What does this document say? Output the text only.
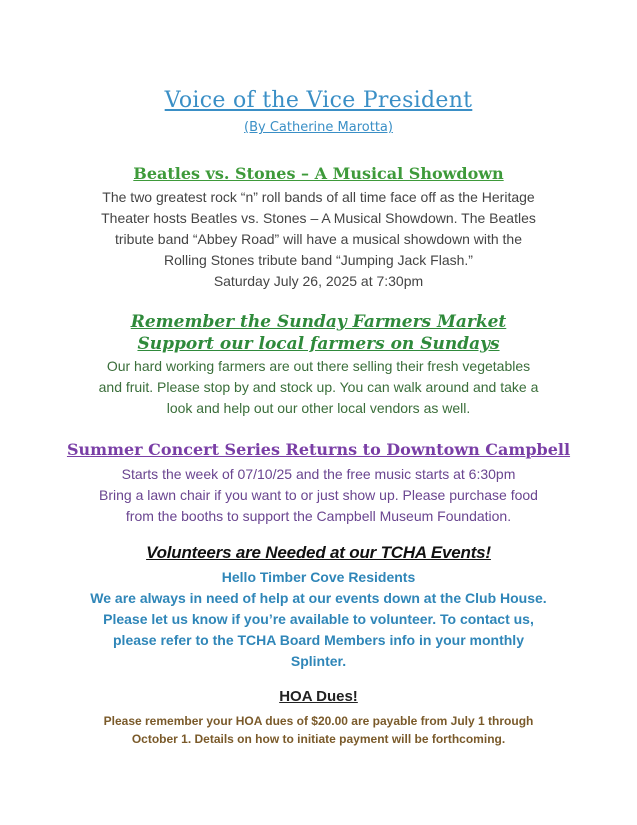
Voice of the Vice President
(By Catherine Marotta)
Beatles vs. Stones – A Musical Showdown
The two greatest rock “n” roll bands of all time face off as the Heritage
Theater hosts Beatles vs. Stones – A Musical Showdown. The Beatles
tribute band “Abbey Road” will have a musical showdown with the
Rolling Stones tribute band “Jumping Jack Flash.”
Saturday July 26, 2025 at 7:30pm
Remember the Sunday Farmers Market
Support our local farmers on Sundays
Our hard working farmers are out there selling their fresh vegetables
and fruit. Please stop by and stock up. You can walk around and take a
look and help out our other local vendors as well.
Summer Concert Series Returns to Downtown Campbell
Starts the week of 07/10/25 and the free music starts at 6:30pm
Bring a lawn chair if you want to or just show up. Please purchase food
from the booths to support the Campbell Museum Foundation.
Volunteers are Needed at our TCHA Events!
Hello Timber Cove Residents
We are always in need of help at our events down at the Club House.
Please let us know if you’re available to volunteer. To contact us,
please refer to the TCHA Board Members info in your monthly
Splinter.
HOA Dues!
Please remember your HOA dues of $20.00 are payable from July 1 through
October 1. Details on how to initiate payment will be forthcoming.
